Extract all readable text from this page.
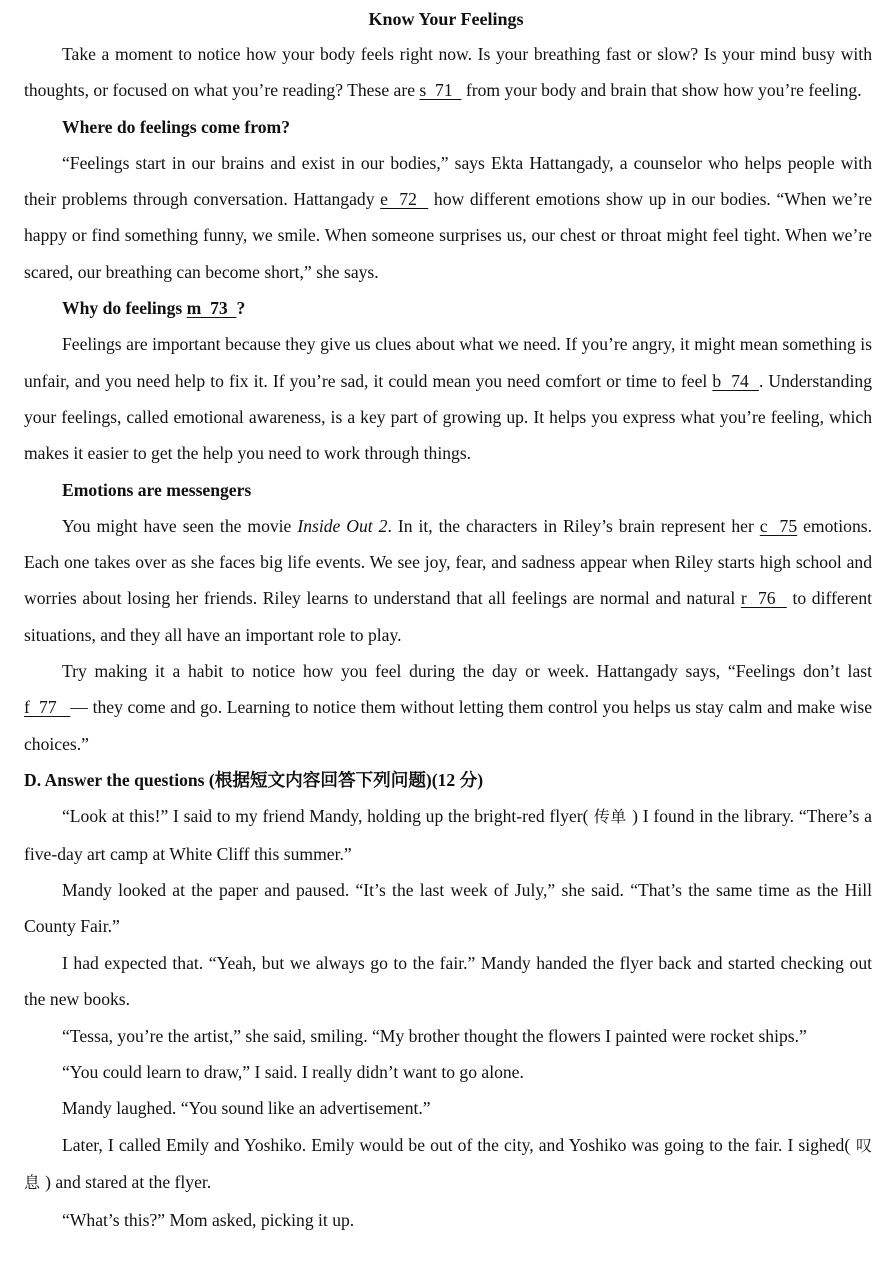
Know Your Feelings

Take a moment to notice how your body feels right now. Is your breathing fast or slow? Is your mind busy with thoughts, or focused on what you’re reading? These are s  71   from your body and brain that show how you’re feeling.

Where do feelings come from?

“Feelings start in our brains and exist in our bodies,” says Ekta Hattangady, a counselor who helps people with their problems through conversation. Hattangady e  72   how different emotions show up in our bodies. “When we’re happy or find something funny, we smile. When someone surprises us, our chest or throat might feel tight. When we’re scared, our breathing can become short,” she says.

Why do feelings m  73  ?

Feelings are important because they give us clues about what we need. If you’re angry, it might mean something is unfair, and you need help to fix it. If you’re sad, it could mean you need comfort or time to feel b  74  . Understanding your feelings, called emotional awareness, is a key part of growing up. It helps you express what you’re feeling, which makes it easier to get the help you need to work through things.

Emotions are messengers

You might have seen the movie Inside Out 2. In it, the characters in Riley’s brain represent her c  75 emotions. Each one takes over as she faces big life events. We see joy, fear, and sadness appear when Riley starts high school and worries about losing her friends. Riley learns to understand that all feelings are normal and natural r  76   to different situations, and they all have an important role to play.

Try making it a habit to notice how you feel during the day or week. Hattangady says, “Feelings don’t last f  77   — they come and go. Learning to notice them without letting them control you helps us stay calm and make wise choices.”

D. Answer the questions (根据短文内容回答下列问题)(12 分)

“Look at this!” I said to my friend Mandy, holding up the bright-red flyer( 传单 ) I found in the library. “There’s a five-day art camp at White Cliff this summer.”

Mandy looked at the paper and paused. “It’s the last week of July,” she said. “That’s the same time as the Hill County Fair.”

I had expected that. “Yeah, but we always go to the fair.” Mandy handed the flyer back and started checking out the new books.

“Tessa, you’re the artist,” she said, smiling. “My brother thought the flowers I painted were rocket ships.”

“You could learn to draw,” I said. I really didn’t want to go alone.

Mandy laughed. “You sound like an advertisement.”

Later, I called Emily and Yoshiko. Emily would be out of the city, and Yoshiko was going to the fair. I sighed( 叹息 ) and stared at the flyer.

“What’s this?” Mom asked, picking it up.
